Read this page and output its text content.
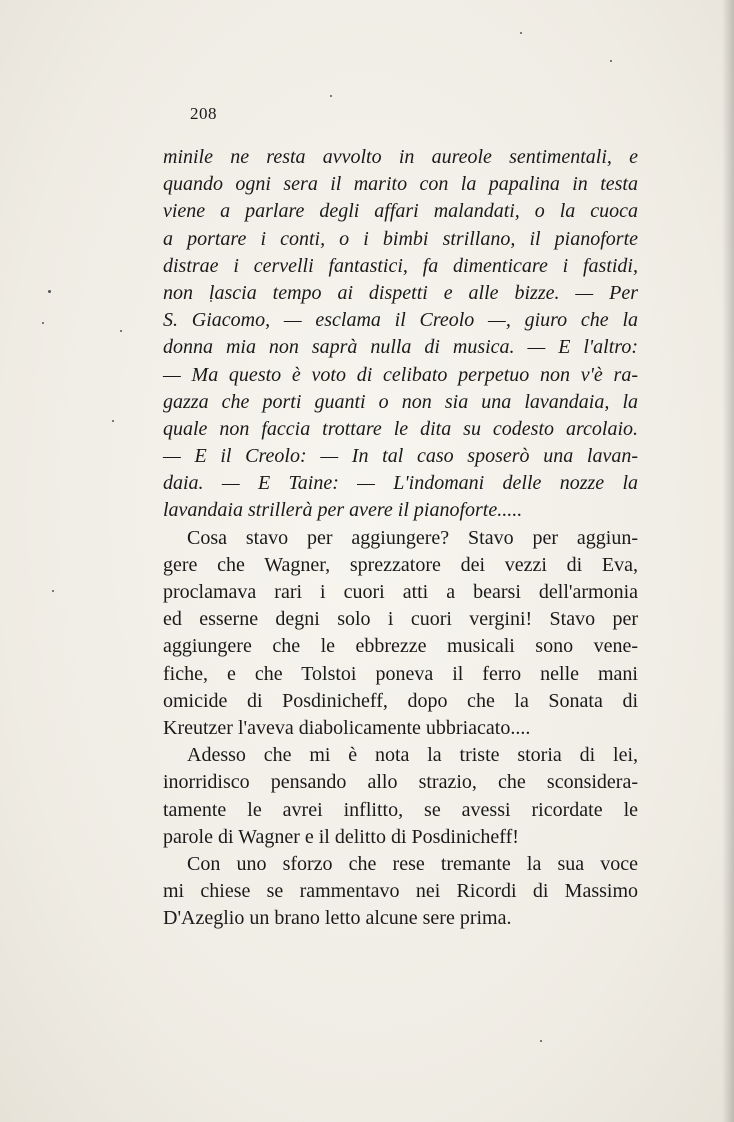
208
minile ne resta avvolto in aureole sentimentali, e
quando ogni sera il marito con la papalina in testa
viene a parlare degli affari malandati, o la cuoca
a portare i conti, o i bimbi strillano, il pianoforte
distrae i cervelli fantastici, fa dimenticare i fastidi,
non lascia tempo ai dispetti e alle bizze. — Per
S. Giacomo, — esclama il Creolo —, giuro che la
donna mia non saprà nulla di musica. — E l'altro:
— Ma questo è voto di celibato perpetuo non v'è ra-
gazza che porti guanti o non sia una lavandaia, la
quale non faccia trottare le dita su codesto arcolaio.
— E il Creolo: — In tal caso sposerò una lavan-
daia. — E Taine: — L'indomani delle nozze la
lavandaia strillerà per avere il pianoforte.....
Cosa stavo per aggiungere? Stavo per aggiun-
gere che Wagner, sprezzatore dei vezzi di Eva,
proclamava rari i cuori atti a bearsi dell'armonia
ed esserne degni solo i cuori vergini! Stavo per
aggiungere che le ebbrezze musicali sono vene-
fiche, e che Tolstoi poneva il ferro nelle mani
omicide di Posdinicheff, dopo che la Sonata di
Kreutzer l'aveva diabolicamente ubbriacato....
Adesso che mi è nota la triste storia di lei,
inorridisco pensando allo strazio, che sconsidera-
tamente le avrei inflitto, se avessi ricordate le
parole di Wagner e il delitto di Posdinicheff!
Con uno sforzo che rese tremante la sua voce
mi chiese se rammentavo nei Ricordi di Massimo
D'Azeglio un brano letto alcune sere prima.
